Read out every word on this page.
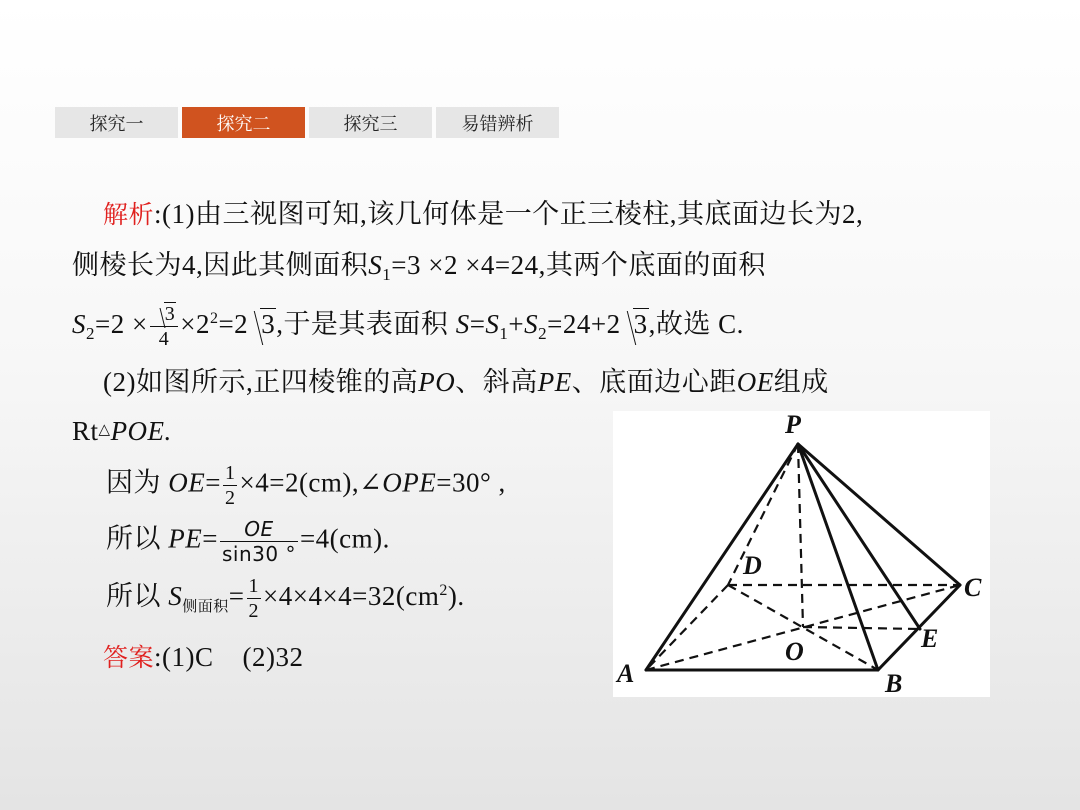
探究一	探究二	探究三	易错辨析
解析:(1)由三视图可知,该几何体是一个正三棱柱,其底面边长为2,
侧棱长为4,因此其侧面积$S_1=3 \times 2 \times 4=24$,其两个底面的面积
$S_2=2 \times \frac{3}{4} \times 2^2=2$ 3,于是其表面积 $S=S_1+S_2=24+2$ 3,故选 C.
(2)如图所示,正四棱锥的高PO、斜高PE、底面边心距OE组成
Rt△POE.
因为 $OE= \frac{1}{2}$ ×4=2(cm),∠OPE=30° ,
所以 $PE= \frac{OE}{\sin 30 ^\circ} =4(cm)$.
所以 $S_{侧面积}= \frac{1}{2} \times 4\times 4\times 4=32(cm^2)$.
答案:(1)C    (2)32
P
D
C
O	E
A	B
